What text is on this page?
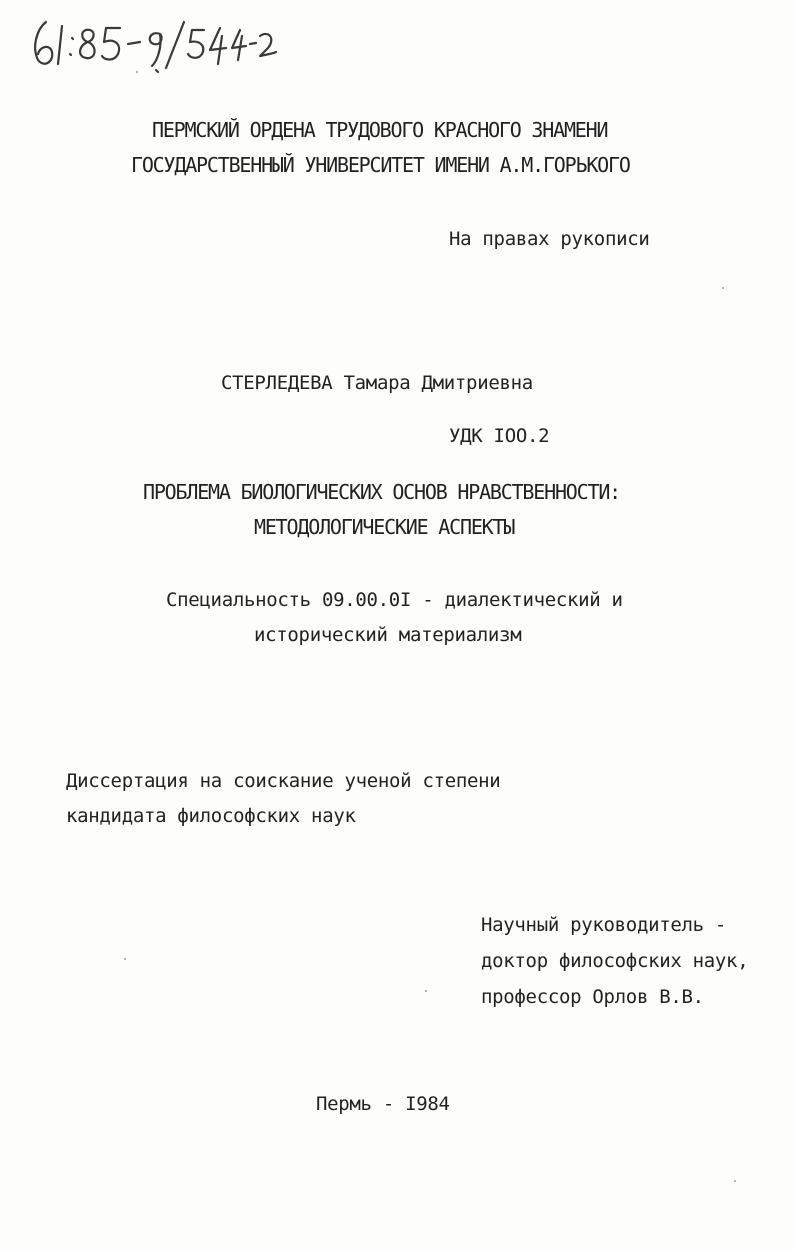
ПЕРМСКИЙ ОРДЕНА ТРУДОВОГО КРАСНОГО ЗНАМЕНИ
ГОСУДАРСТВЕННЫЙ УНИВЕРСИТЕТ ИМЕНИ А.М.ГОРЬКОГО
На правах рукописи
СТЕРЛЕДЕВА Тамара Дмитриевна
УДК IOO.2
ПРОБЛЕМА БИОЛОГИЧЕСКИХ ОСНОВ НРАВСТВЕННОСТИ:
МЕТОДОЛОГИЧЕСКИЕ АСПЕКТЫ
Специальность 09.00.0I - диалектический и
исторический материализм
Диссертация на соискание ученой степени
кандидата философских наук
Научный руководитель -
доктор философских наук,
профессор Орлов В.В.
Пермь - I984
